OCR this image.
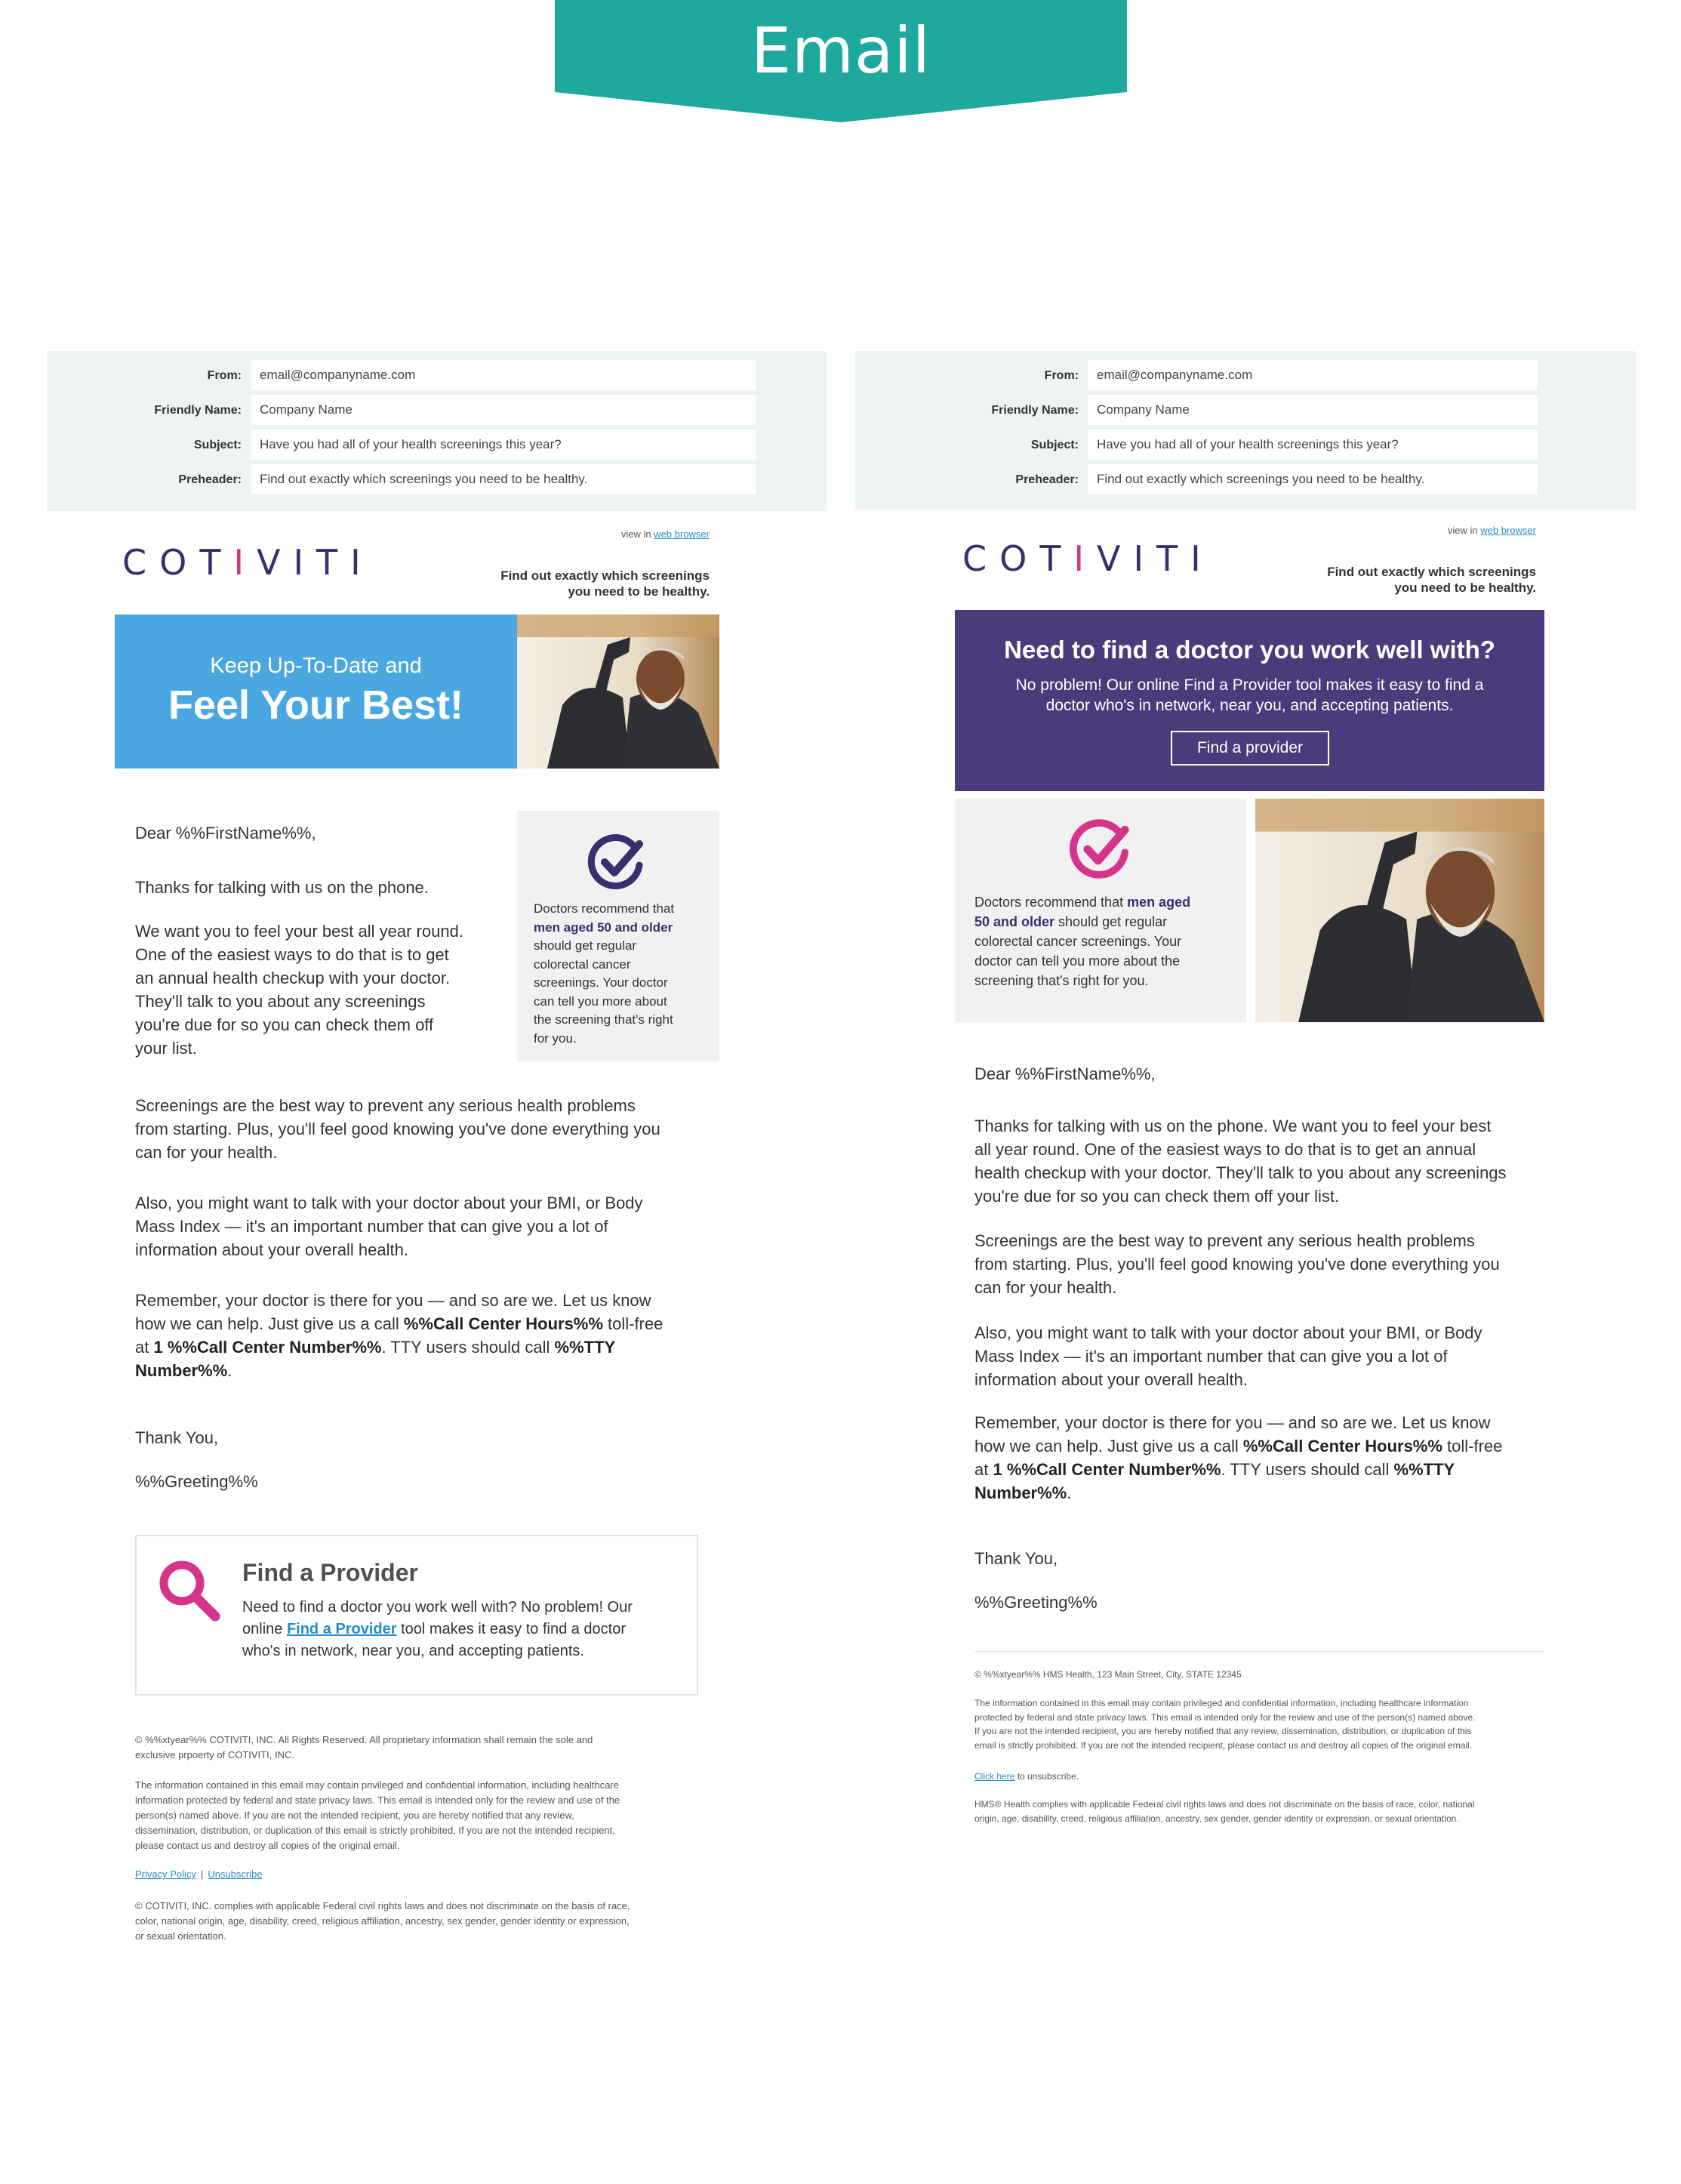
Email
From:	email@companyname.com
Friendly Name:	Company Name
Subject:	Have you had all of your health screenings this year?
Preheader:	Find out exactly which screenings you need to be healthy.
view in web browser
COTIVITI	Find out exactly which screenings
you need to be healthy.
Keep Up-To-Date and
Feel Your Best!
Dear %%FirstName%%,
Thanks for talking with us on the phone.
We want you to feel your best all year round.
One of the easiest ways to do that is to get
an annual health checkup with your doctor.
They'll talk to you about any screenings
you're due for so you can check them off
your list.
Doctors recommend that
men aged 50 and older
should get regular
colorectal cancer
screenings. Your doctor
can tell you more about
the screening that's right
for you.
Screenings are the best way to prevent any serious health problems
from starting. Plus, you'll feel good knowing you've done everything you
can for your health.
Also, you might want to talk with your doctor about your BMI, or Body
Mass Index — it's an important number that can give you a lot of
information about your overall health.
Remember, your doctor is there for you — and so are we. Let us know
how we can help. Just give us a call %%Call Center Hours%% toll-free
at 1 %%Call Center Number%%. TTY users should call %%TTY
Number%%.
Thank You,
%%Greeting%%
Find a Provider
Need to find a doctor you work well with? No problem! Our
online Find a Provider tool makes it easy to find a doctor
who's in network, near you, and accepting patients.
© %%xtyear%% COTIVITI, INC. All Rights Reserved. All proprietary information shall remain the sole and
exclusive prpoerty of COTIVITI, INC.
The information contained in this email may contain privileged and confidential information, including healthcare
information protected by federal and state privacy laws. This email is intended only for the review and use of the
person(s) named above. If you are not the intended recipient, you are hereby notified that any review,
dissemination, distribution, or duplication of this email is strictly prohibited. If you are not the intended recipient,
please contact us and destroy all copies of the original email.
Privacy Policy | Unsubscribe
© COTIVITI, INC. complies with applicable Federal civil rights laws and does not discriminate on the basis of race,
color, national origin, age, disability, creed, religious affiliation, ancestry, sex gender, gender identity or expression,
or sexual orientation.
From:	email@companyname.com
Friendly Name:	Company Name
Subject:	Have you had all of your health screenings this year?
Preheader:	Find out exactly which screenings you need to be healthy.
view in web browser
COTIVITI	Find out exactly which screenings
you need to be healthy.
Need to find a doctor you work well with?
No problem! Our online Find a Provider tool makes it easy to find a
doctor who's in network, near you, and accepting patients.
Find a provider
Doctors recommend that men aged
50 and older should get regular
colorectal cancer screenings. Your
doctor can tell you more about the
screening that's right for you.
Dear %%FirstName%%,
Thanks for talking with us on the phone. We want you to feel your best
all year round. One of the easiest ways to do that is to get an annual
health checkup with your doctor. They'll talk to you about any screenings
you're due for so you can check them off your list.
Screenings are the best way to prevent any serious health problems
from starting. Plus, you'll feel good knowing you've done everything you
can for your health.
Also, you might want to talk with your doctor about your BMI, or Body
Mass Index — it's an important number that can give you a lot of
information about your overall health.
Remember, your doctor is there for you — and so are we. Let us know
how we can help. Just give us a call %%Call Center Hours%% toll-free
at 1 %%Call Center Number%%. TTY users should call %%TTY
Number%%.
Thank You,
%%Greeting%%
© %%xtyear%% HMS Health, 123 Main Street, City, STATE 12345
The information contained in this email may contain privileged and confidential information, including healthcare information
protected by federal and state privacy laws. This email is intended only for the review and use of the person(s) named above.
If you are not the intended recipient, you are hereby notified that any review, dissemination, distribution, or duplication of this
email is strictly prohibited. If you are not the intended recipient, please contact us and destroy all copies of the original email.
Click here to unsubscribe.
HMS® Health complies with applicable Federal civil rights laws and does not discriminate on the basis of race, color, national
origin, age, disability, creed, religious affiliation, ancestry, sex gender, gender identity or expression, or sexual orientation.
